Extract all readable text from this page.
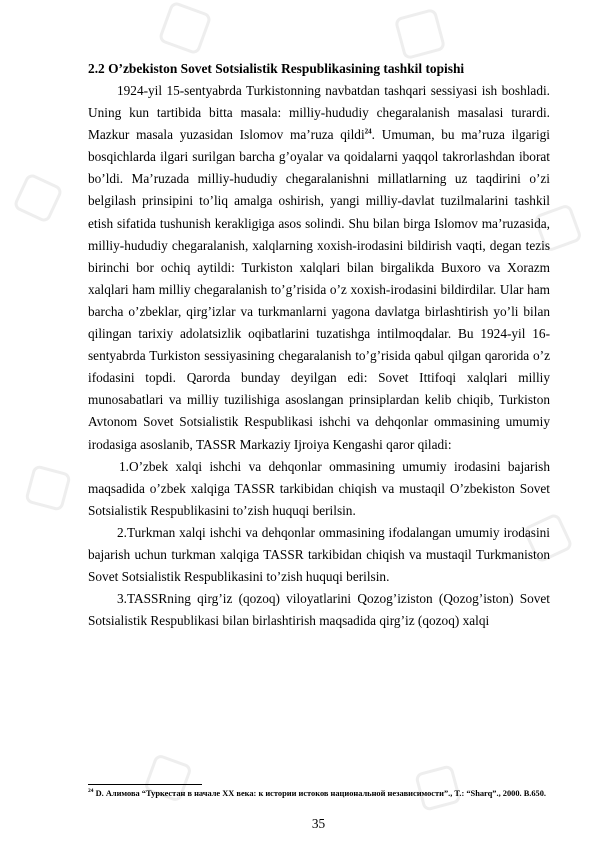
2.2 O’zbekiston Sovet Sotsialistik Respublikasining tashkil topishi

1924-yil 15-sentyabrda Turkistonning navbatdan tashqari sessiyasi ish boshladi. Uning kun tartibida bitta masala: milliy-hududiy chegaralanish masalasi turardi. Mazkur masala yuzasidan Islomov ma’ruza qildi$^{24}$. Umuman, bu ma’ruza ilgarigi bosqichlarda ilgari surilgan barcha g’oyalar va qoidalarni yaqqol takrorlashdan iborat bo’ldi. Ma’ruzada milliy-hududiy chegaralanishni millatlarning uz taqdirini o’zi belgilash prinsipini to’liq amalga oshirish, yangi milliy-davlat tuzilmalarini tashkil etish sifatida tushunish kerakligiga asos solindi. Shu bilan birga Islomov ma’ruzasida, milliy-hududiy chegaralanish, xalqlarning xoxish-irodasini bildirish vaqti, degan tezis birinchi bor ochiq aytildi: Turkiston xalqlari bilan birgalikda Buxoro va Xorazm xalqlari ham milliy chegaralanish to’g’risida o’z xoxish-irodasini bildirdilar. Ular ham barcha o’zbeklar, qirg’izlar va turkmanlarni yagona davlatga birlashtirish yo’li bilan qilingan tarixiy adolatsizlik oqibatlarini tuzatishga intilmoqdalar. Bu 1924-yil 16-sentyabrda Turkiston sessiyasining chegaralanish to’g’risida qabul qilgan qarorida o’z ifodasini topdi. Qarorda bunday deyilgan edi: Sovet Ittifoqi xalqlari milliy munosabatlari va milliy tuzilishiga asoslangan prinsiplardan kelib chiqib, Turkiston Avtonom Sovet Sotsialistik Respublikasi ishchi va dehqonlar ommasining umumiy irodasiga asoslanib, TASSR Markaziy Ijroiya Kengashi qaror qiladi:

1.O’zbek xalqi ishchi va dehqonlar ommasining umumiy irodasini bajarish maqsadida o’zbek xalqiga TASSR tarkibidan chiqish va mustaqil O’zbekiston Sovet Sotsialistik Respublikasini to’zish huquqi berilsin.

2.Turkman xalqi ishchi va dehqonlar ommasining ifodalangan umumiy irodasini bajarish uchun turkman xalqiga TASSR tarkibidan chiqish va mustaqil Turkmaniston Sovet Sotsialistik Respublikasini to’zish huquqi berilsin.

3.TASSRning qirg’iz (qozoq) viloyatlarini Qozog’iziston (Qozog’iston) Sovet Sotsialistik Respublikasi bilan birlashtirish maqsadida qirg’iz (qozoq) xalqi

$^{24}$ D. Алимова “Туркестан в начале XX века: к истории истоков национальной независимости”., T.: “Sharq”., 2000. B.650.
35
